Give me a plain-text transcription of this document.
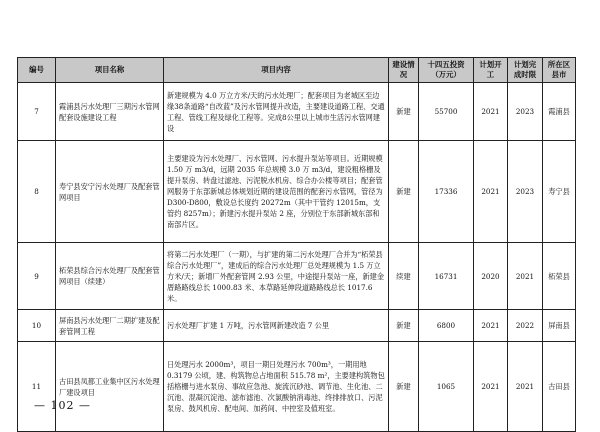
编号	项目名称	项目内容	建设情况	十四五投资（万元）	计划开工	计划完成时限	所在区县市
7	霞浦县污水处理厂三期污水管网配套设施建设工程	新建规模为 4.0 万立方米/天的污水处理厂；配套项目为老城区至边缘38条道路“自改蓝”及污水管网提升改造，主要建设道路工程、交通工程、管线工程及绿化工程等。完成8公里以上城市生活污水管网建设	新建	55700	2021	2023	霞浦县
8	寿宁县安宁污水处理厂及配套管网项目	主要建设为污水处理厂、污水管网、污水提升泵站等项目。近期规模 1.50 万 m3/d，远期 2035 年总规模 3.0 万 m3/d，建设粗格栅及提升泵房、转盘过滤池、污泥脱水机房、综合办公楼等项目；配套管网服务于东部新城总体规划近期的建设范围的配套污水管网，管径为 D300-D800，敷设总长度约 20272m（其中干管约 12015m，支管约 8257m）；新建污水提升泵站 2 座，分别位于东部新城东部和南部片区。	新建	17336	2021	2023	寿宁县
9	柘荣县综合污水处理厂及配套管网项目（续建）	将第二污水处理厂（一期），与扩建的第二污水处理厂合并为“柘荣县综合污水处理厂”，建成后的综合污水处理厂总处理规模为 1.5 万立方米/天；新增厂外配套管网 2.93 公里，中途提升泵站一座，新建金厝路路线总长 1000.83 米、本草路延伸段道路路线总长 1017.6 米。	续建	16731	2020	2021	柘荣县
10	屏南县污水处理厂二期扩建及配套管网工程	污水处理厂扩建 1 万吨，污水管网新建改造 7 公里	新建	6800	2021	2022	屏南县
11	古田县凤都工业集中区污水处理厂建设项目	日处理污水 2000m³，项目一期日处理污水 700m³，一期用地 0.3179 公顷，建、构筑物总占地面积 515.78 m²，主要建构筑物包括格栅与进水泵房、事故应急池、旋流沉砂池、调节池、生化池、二沉池、混凝沉淀池、滤布滤池、次氯酸钠消毒池、终排排放口、污泥泵房、鼓风机房、配电间、加药间、中控室及值班室。	新建	1065	2021	2021	古田县
— 102 —
